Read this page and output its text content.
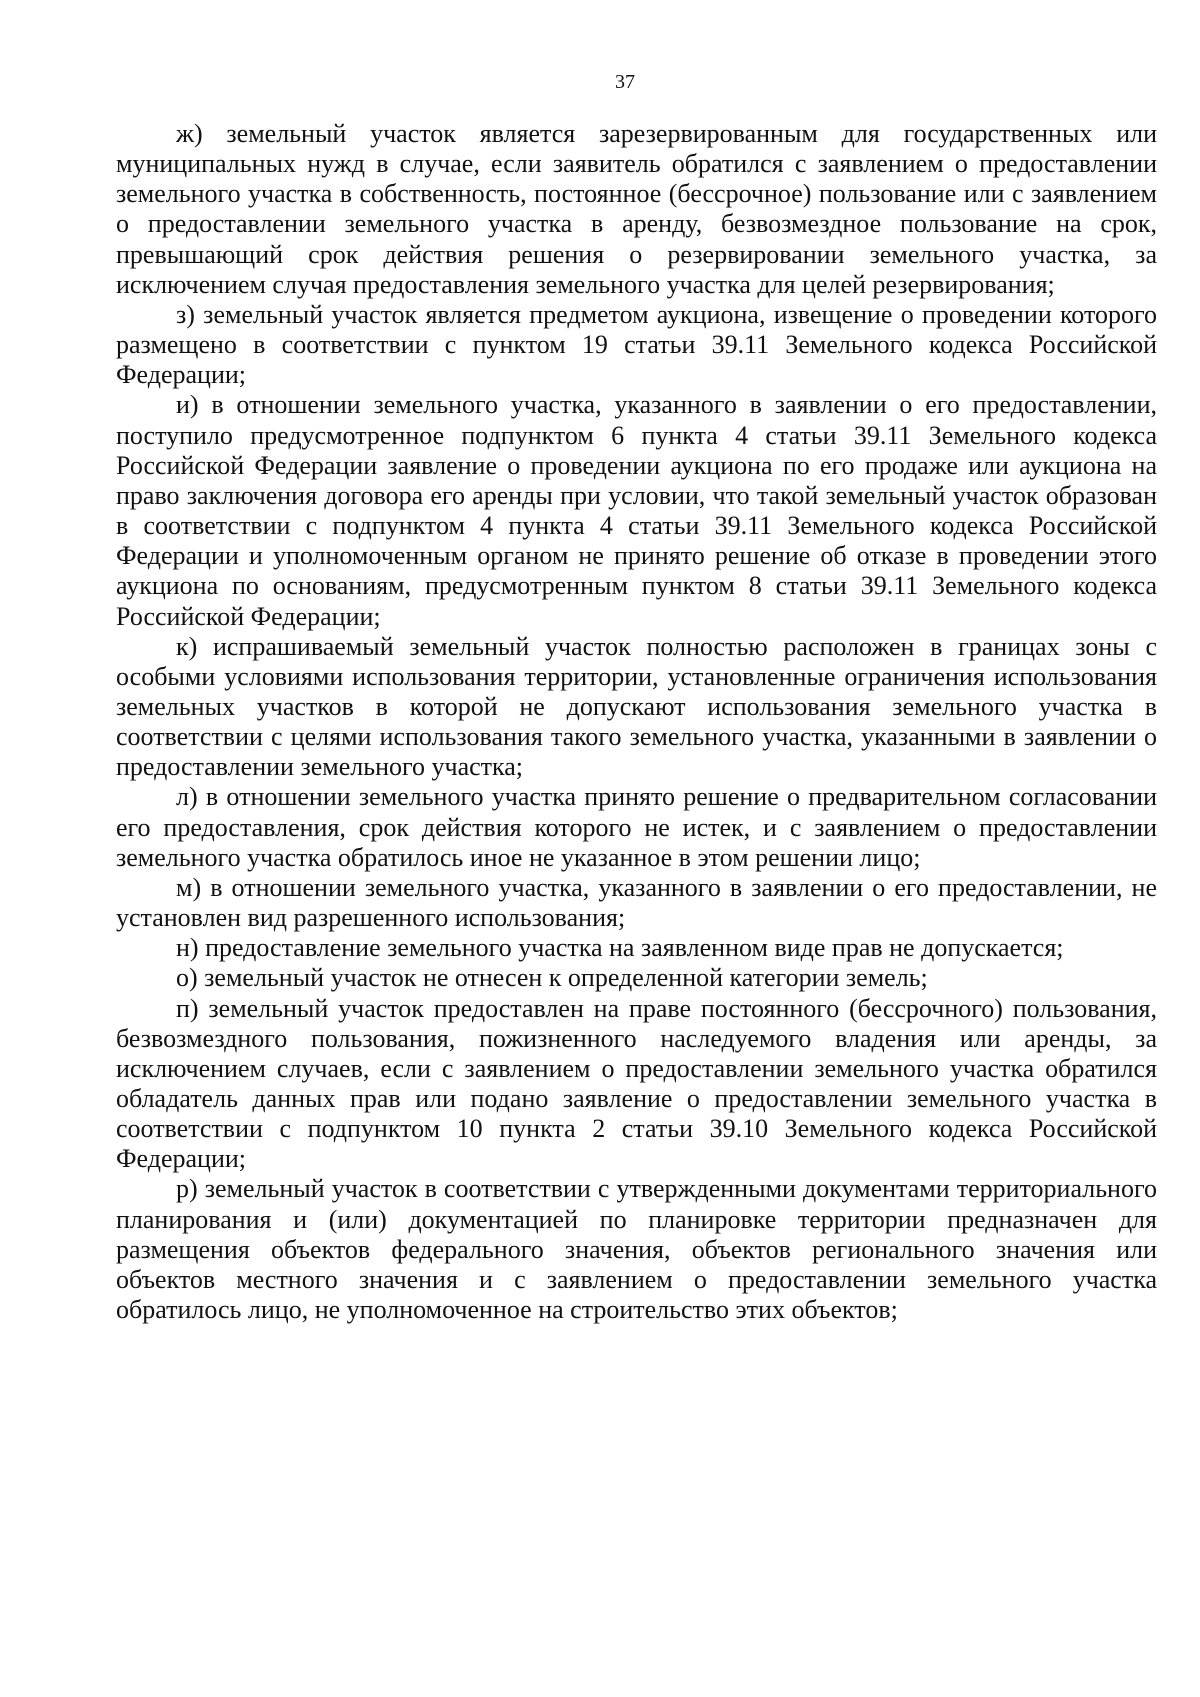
37

ж) земельный участок является зарезервированным для государственных или муниципальных нужд в случае, если заявитель обратился с заявлением о предоставлении земельного участка в собственность, постоянное (бессрочное) пользование или с заявлением о предоставлении земельного участка в аренду, безвозмездное пользование на срок, превышающий срок действия решения о резервировании земельного участка, за исключением случая предоставления земельного участка для целей резервирования;

з) земельный участок является предметом аукциона, извещение о проведении которого размещено в соответствии с пунктом 19 статьи 39.11 Земельного кодекса Российской Федерации;

и) в отношении земельного участка, указанного в заявлении о его предоставлении, поступило предусмотренное подпунктом 6 пункта 4 статьи 39.11 Земельного кодекса Российской Федерации заявление о проведении аукциона по его продаже или аукциона на право заключения договора его аренды при условии, что такой земельный участок образован в соответствии с подпунктом 4 пункта 4 статьи 39.11 Земельного кодекса Российской Федерации и уполномоченным органом не принято решение об отказе в проведении этого аукциона по основаниям, предусмотренным пунктом 8 статьи 39.11 Земельного кодекса Российской Федерации;

к) испрашиваемый земельный участок полностью расположен в границах зоны с особыми условиями использования территории, установленные ограничения использования земельных участков в которой не допускают использования земельного участка в соответствии с целями использования такого земельного участка, указанными в заявлении о предоставлении земельного участка;

л) в отношении земельного участка принято решение о предварительном согласовании его предоставления, срок действия которого не истек, и с заявлением о предоставлении земельного участка обратилось иное не указанное в этом решении лицо;

м) в отношении земельного участка, указанного в заявлении о его предоставлении, не установлен вид разрешенного использования;

н) предоставление земельного участка на заявленном виде прав не допускается;

о) земельный участок не отнесен к определенной категории земель;

п) земельный участок предоставлен на праве постоянного (бессрочного) пользования, безвозмездного пользования, пожизненного наследуемого владения или аренды, за исключением случаев, если с заявлением о предоставлении земельного участка обратился обладатель данных прав или подано заявление о предоставлении земельного участка в соответствии с подпунктом 10 пункта 2 статьи 39.10 Земельного кодекса Российской Федерации;

р) земельный участок в соответствии с утвержденными документами территориального планирования и (или) документацией по планировке территории предназначен для размещения объектов федерального значения, объектов регионального значения или объектов местного значения и с заявлением о предоставлении земельного участка обратилось лицо, не уполномоченное на строительство этих объектов;
